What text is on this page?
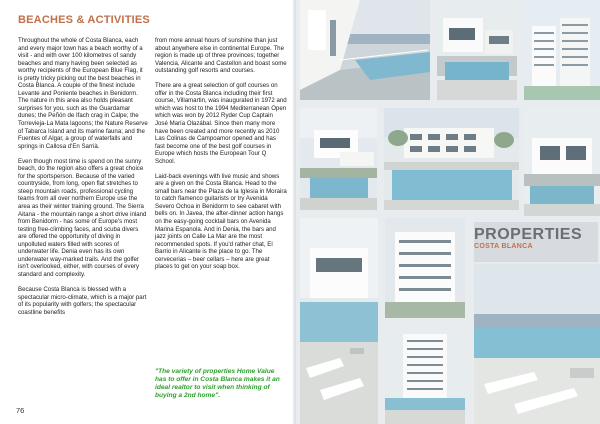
BEACHES & ACTIVITIES

Throughout the whole of Costa Blanca, each and every major town has a beach worthy of a visit - and with over 100 kilometres of sandy beaches and many having been selected as worthy recipients of the European Blue Flag, it is pretty tricky picking out the best beaches in Costa Blanca. A couple of the finest include Levante and Poniente beaches in Benidorm. The nature in this area also holds pleasant surprises for you, such as the Guardamar dunes; the Peñón de Ifach crag in Calpe; the Torrevieja-La Mata lagoons; the Nature Reserve of Tabarca Island and its marine fauna; and the Fuentes of Algar, a group of waterfalls and springs in Callosa d'En Sarrià.

Even though most time is spend on the sunny beach, do the region also offers a great choice for the sportsperson. Because of the varied countryside, from long, open flat stretches to steep mountain roads, professional cycling teams from all over northern Europe use the area as their winter training ground. The Sierra Aitana - the mountain range a short drive inland from Benidorm - has some of Europe's most testing free-climbing faces, and scuba divers are offered the opportunity of diving in unpolluted waters filled with scores of underwater life. Denia even has its own underwater way-marked trails. And the golfer isn't overlooked, either, with courses of every standard and complexity.

Because Costa Blanca is blessed with a spectacular micro-climate, which is a major part of its popularity with golfers; the spectacular coastline benefits

from more annual hours of sunshine than just about anywhere else in continental Europe. The region is made up of three provinces; together Valencia, Alicante and Castellon and boast some outstanding golf resorts and courses.

There are a great selection of golf courses on offer in the Costa Blanca including their first course, Villamartin, was inaugurated in 1972 and which was host to the 1994 Mediterranean Open which was won by 2012 Ryder Cup Captain José María Olazábal. Since then many more have been created and more recently as 2010 Las Colinas de Campoamor opened and has fast become one of the best golf courses in Europe which hosts the European Tour Q School.

Laid-back evenings with live music and shows are a given on the Costa Blanca. Head to the small bars near the Plaza de la Iglesia in Moraira to catch flamenco guitarists or try Avenida Severo Ochoa in Benidorm to see cabaret with bells on. In Javea, the after-dinner action hangs on the easy-going cocktail bars on Avenida Marina Espanola. And in Denia, the bars and jazz joints on Calle La Mar are the most recommended spots. If you'd rather chat, El Barrio in Alicante is the place to go. The cervecerias – beer cellars – here are great places to get on your soap box.

"The variety of properties Home Value has to offer in Costa Blanca makes it an ideal realtor to visit when thinking of buying a 2nd home".
76
PROPERTIES
COSTA BLANCA
